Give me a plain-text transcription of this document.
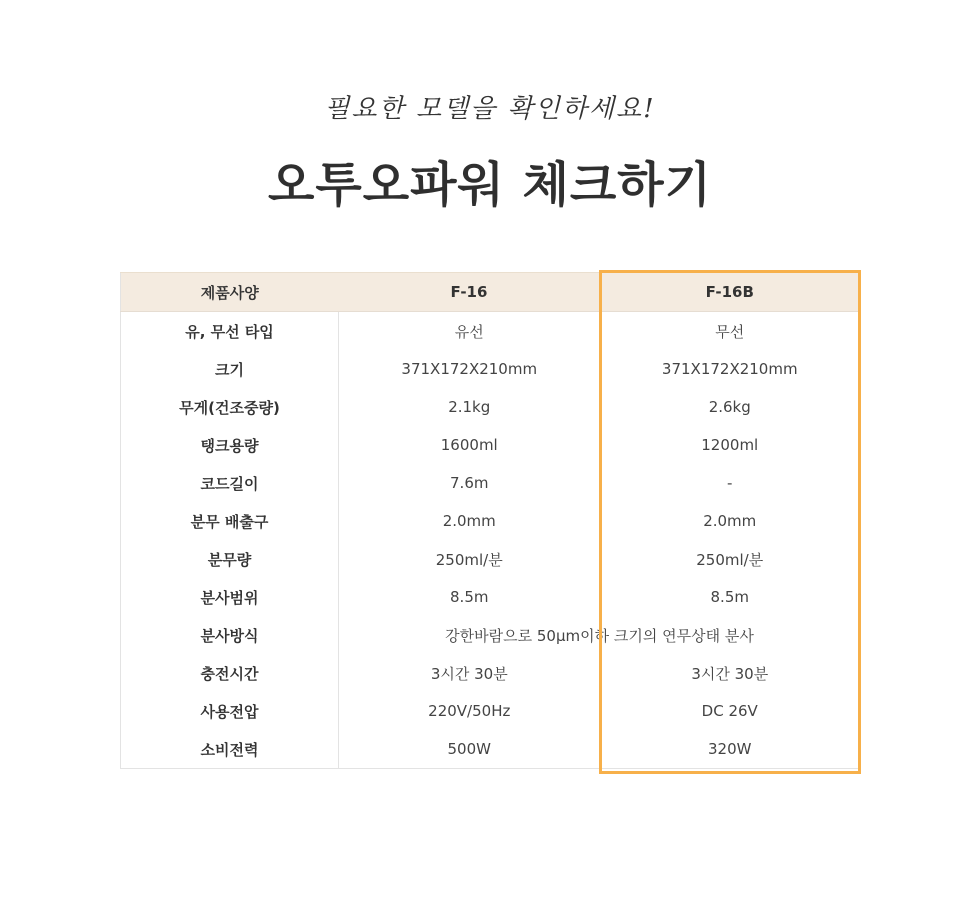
필요한 모델을 확인하세요!
오투오파워 체크하기
제품사양	F-16	F-16B
유, 무선 타입	유선	무선
크기	371X172X210mm	371X172X210mm
무게(건조중량)	2.1kg	2.6kg
탱크용량	1600ml	1200ml
코드길이	7.6m	-
분무 배출구	2.0mm	2.0mm
분무량	250ml/분	250ml/분
분사범위	8.5m	8.5m
분사방식	강한바람으로 50μm이하 크기의 연무상태 분사	
충전시간	3시간 30분	3시간 30분
사용전압	220V/50Hz	DC 26V
소비전력	500W	320W
